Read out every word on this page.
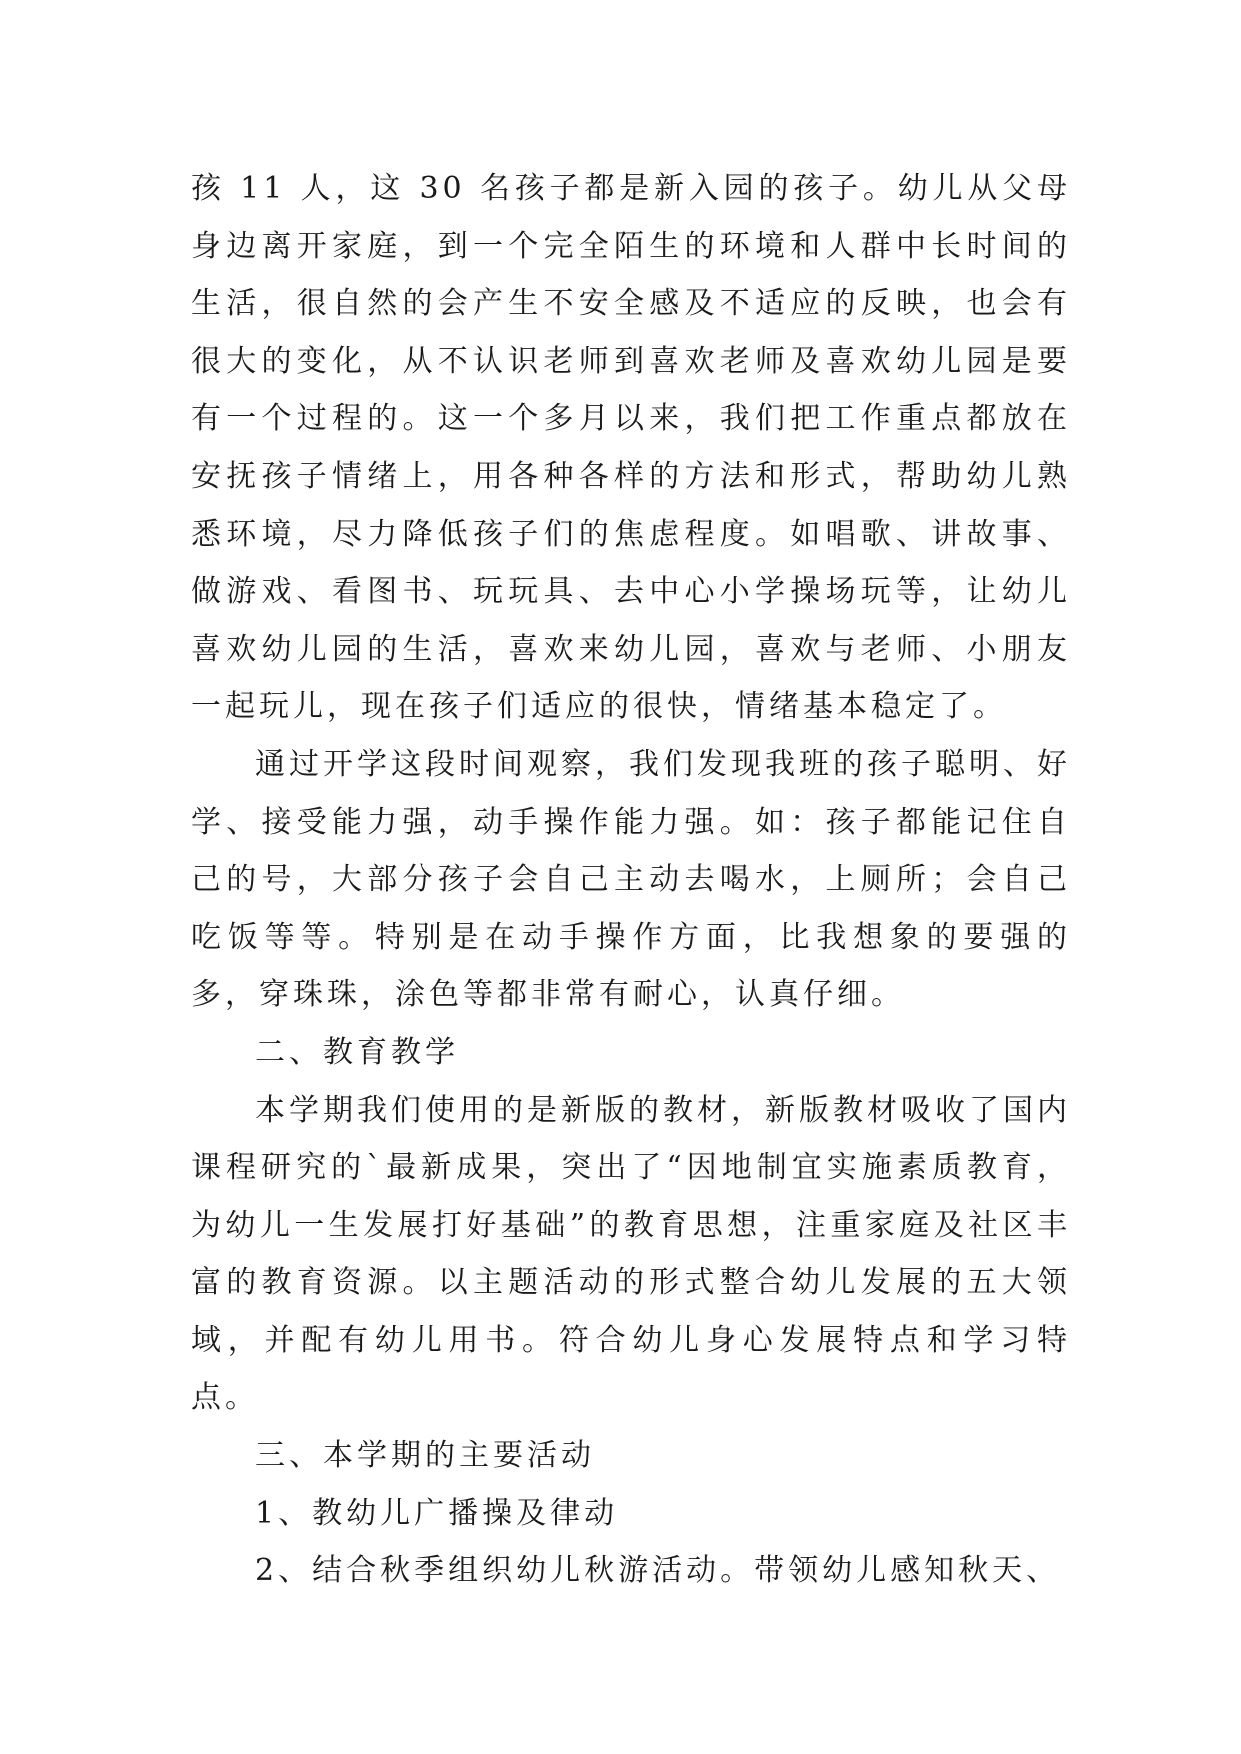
孩 11 人，这 30 名孩子都是新入园的孩子。幼儿从父母身边离开家庭，到一个完全陌生的环境和人群中长时间的生活，很自然的会产生不安全感及不适应的反映，也会有很大的变化，从不认识老师到喜欢老师及喜欢幼儿园是要有一个过程的。这一个多月以来，我们把工作重点都放在安抚孩子情绪上，用各种各样的方法和形式，帮助幼儿熟悉环境，尽力降低孩子们的焦虑程度。如唱歌、讲故事、做游戏、看图书、玩玩具、去中心小学操场玩等，让幼儿喜欢幼儿园的生活，喜欢来幼儿园，喜欢与老师、小朋友一起玩儿，现在孩子们适应的很快，情绪基本稳定了。

通过开学这段时间观察，我们发现我班的孩子聪明、好学、接受能力强，动手操作能力强。如：孩子都能记住自己的号，大部分孩子会自己主动去喝水，上厕所；会自己吃饭等等。特别是在动手操作方面，比我想象的要强的多，穿珠珠，涂色等都非常有耐心，认真仔细。

二、教育教学

本学期我们使用的是新版的教材，新版教材吸收了国内课程研究的`最新成果，突出了“因地制宜实施素质教育，为幼儿一生发展打好基础”的教育思想，注重家庭及社区丰富的教育资源。以主题活动的形式整合幼儿发展的五大领域，并配有幼儿用书。符合幼儿身心发展特点和学习特点。

三、本学期的主要活动

1、教幼儿广播操及律动

2、结合秋季组织幼儿秋游活动。带领幼儿感知秋天、
